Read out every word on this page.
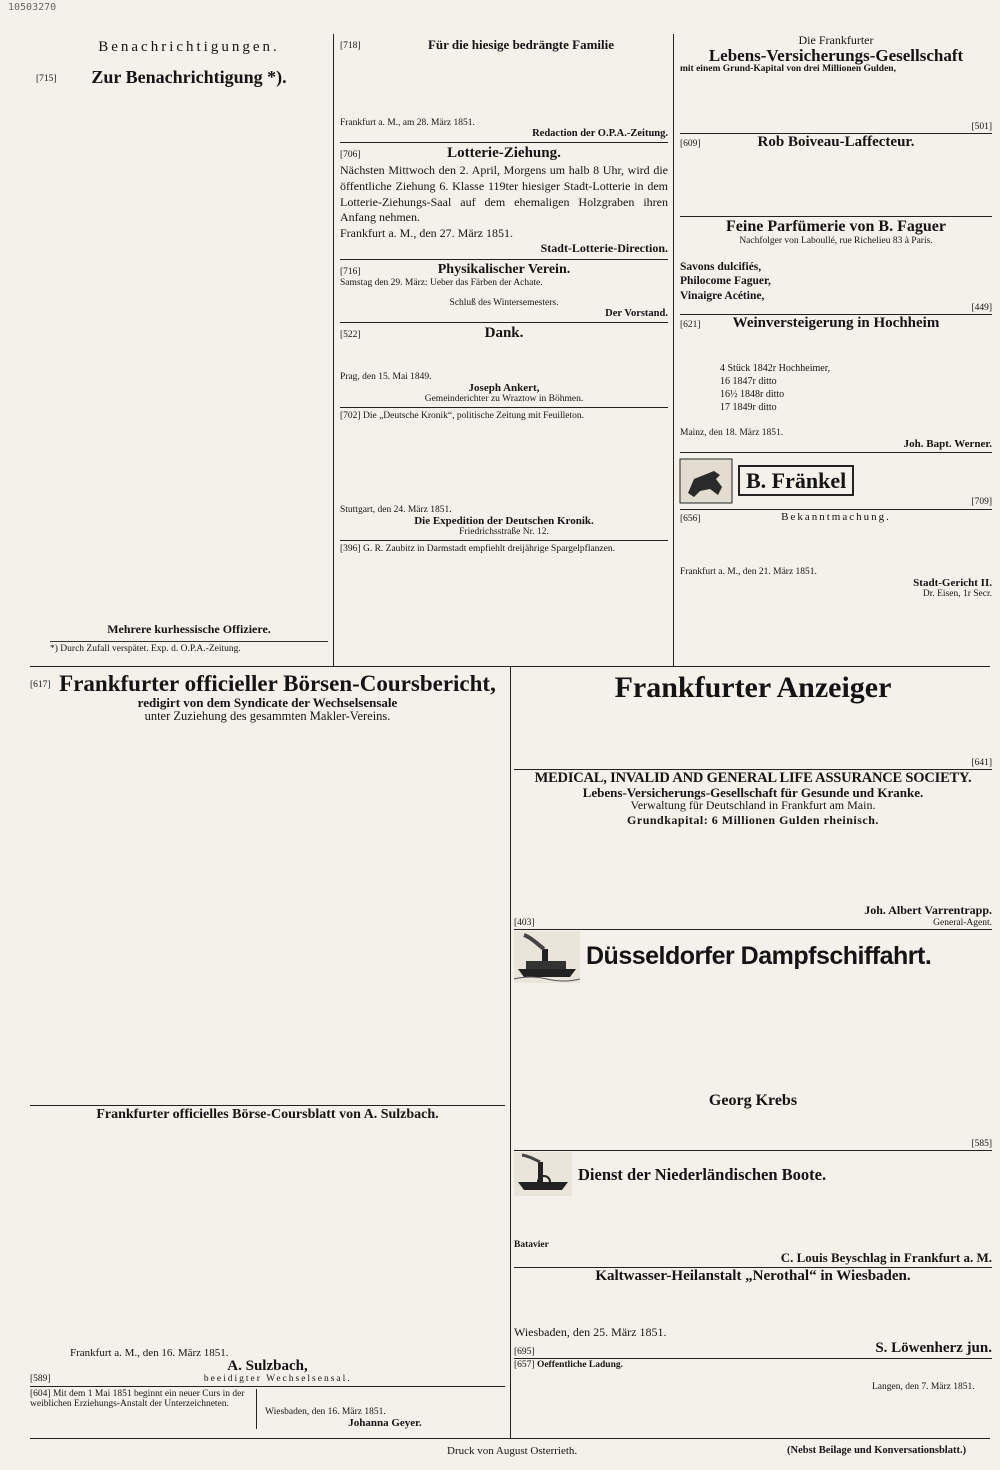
10503270
Benachrichtigungen.
[715]	Zur Benachrichtigung *).
Mehrere kurhessische Offiziere.
*) Durch Zufall verspätet. Exp. d. O.P.A.-Zeitung.
[718]	Für die hiesige bedrängte Familie
Frankfurt a. M., am 28. März 1851.
Redaction der O.P.A.-Zeitung.
[706]	Lotterie-Ziehung.
Nächsten Mittwoch den 2. April, Morgens um halb 8 Uhr, wird die öffentliche Ziehung 6. Klasse 119ter hiesiger Stadt-Lotterie in dem Lotterie-Ziehungs-Saal auf dem ehemaligen Holzgraben ihren Anfang nehmen.
Frankfurt a. M., den 27. März 1851.
Stadt-Lotterie-Direction.
[716]	Physikalischer Verein.
Samstag den 29. März: Ueber das Färben der Achate.
Schluß des Wintersemesters.
Der Vorstand.
[522]	Dank.
Prag, den 15. Mai 1849.
Joseph Ankert,
Gemeinderichter zu Wraztow in Böhmen.
[702] Die „Deutsche Kronik“, politische Zeitung mit Feuilleton.
Stuttgart, den 24. März 1851.
Die Expedition der Deutschen Kronik.
Friedrichsstraße Nr. 12.
[396] G. R. Zaubitz in Darmstadt empfiehlt dreijährige Spargelpflanzen.
Die Frankfurter
Lebens-Versicherungs-Gesellschaft
mit einem Grund-Kapital von drei Millionen Gulden,
[501]
[609]	Rob Boiveau-Laffecteur.
Feine Parfümerie von B. Faguer
Nachfolger von Laboullé, rue Richelieu 83 à Paris.
Savons dulcifiés,
Philocome Faguer,
Vinaigre Acétine,
[449]
[621]	Weinversteigerung in Hochheim
4 Stück 1842r Hochheimer,
16 1847r ditto
16½ 1848r ditto
17 1849r ditto
Mainz, den 18. März 1851.
Joh. Bapt. Werner.
B. Fränkel
[709]
[656]	Bekanntmachung.
Frankfurt a. M., den 21. März 1851.
Stadt-Gericht II.
Dr. Eisen, 1r Secr.
[617] Frankfurter officieller Börsen-Coursbericht,
redigirt von dem Syndicate der Wechselsensale
unter Zuziehung des gesammten Makler-Vereins.
Frankfurter officielles Börse-Coursblatt von A. Sulzbach.
Frankfurt a. M., den 16. März 1851.
A. Sulzbach,
[589]	beeidigter Wechselsensal.
[604] Mit dem 1 Mai 1851 beginnt ein neuer Curs in der weiblichen Erziehungs-Anstalt der Unterzeichneten.
Wiesbaden, den 16. März 1851.
Johanna Geyer.
Frankfurter Anzeiger
[641]
MEDICAL, INVALID AND GENERAL LIFE ASSURANCE SOCIETY.
Lebens-Versicherungs-Gesellschaft für Gesunde und Kranke.
Verwaltung für Deutschland in Frankfurt am Main.
Grundkapital: 6 Millionen Gulden rheinisch.
Joh. Albert Varrentrapp.
[403]	General-Agent.
Düsseldorfer Dampfschiffahrt.
Georg Krebs
[585]
Dienst der Niederländischen Boote.
Batavier
C. Louis Beyschlag in Frankfurt a. M.
Kaltwasser-Heilanstalt „Nerothal“ in Wiesbaden.
Wiesbaden, den 25. März 1851.
[695]	S. Löwenherz jun.
[657] Oeffentliche Ladung.
Langen, den 7. März 1851.
Druck von August Osterrieth.	(Nebst Beilage und Konversationsblatt.)
